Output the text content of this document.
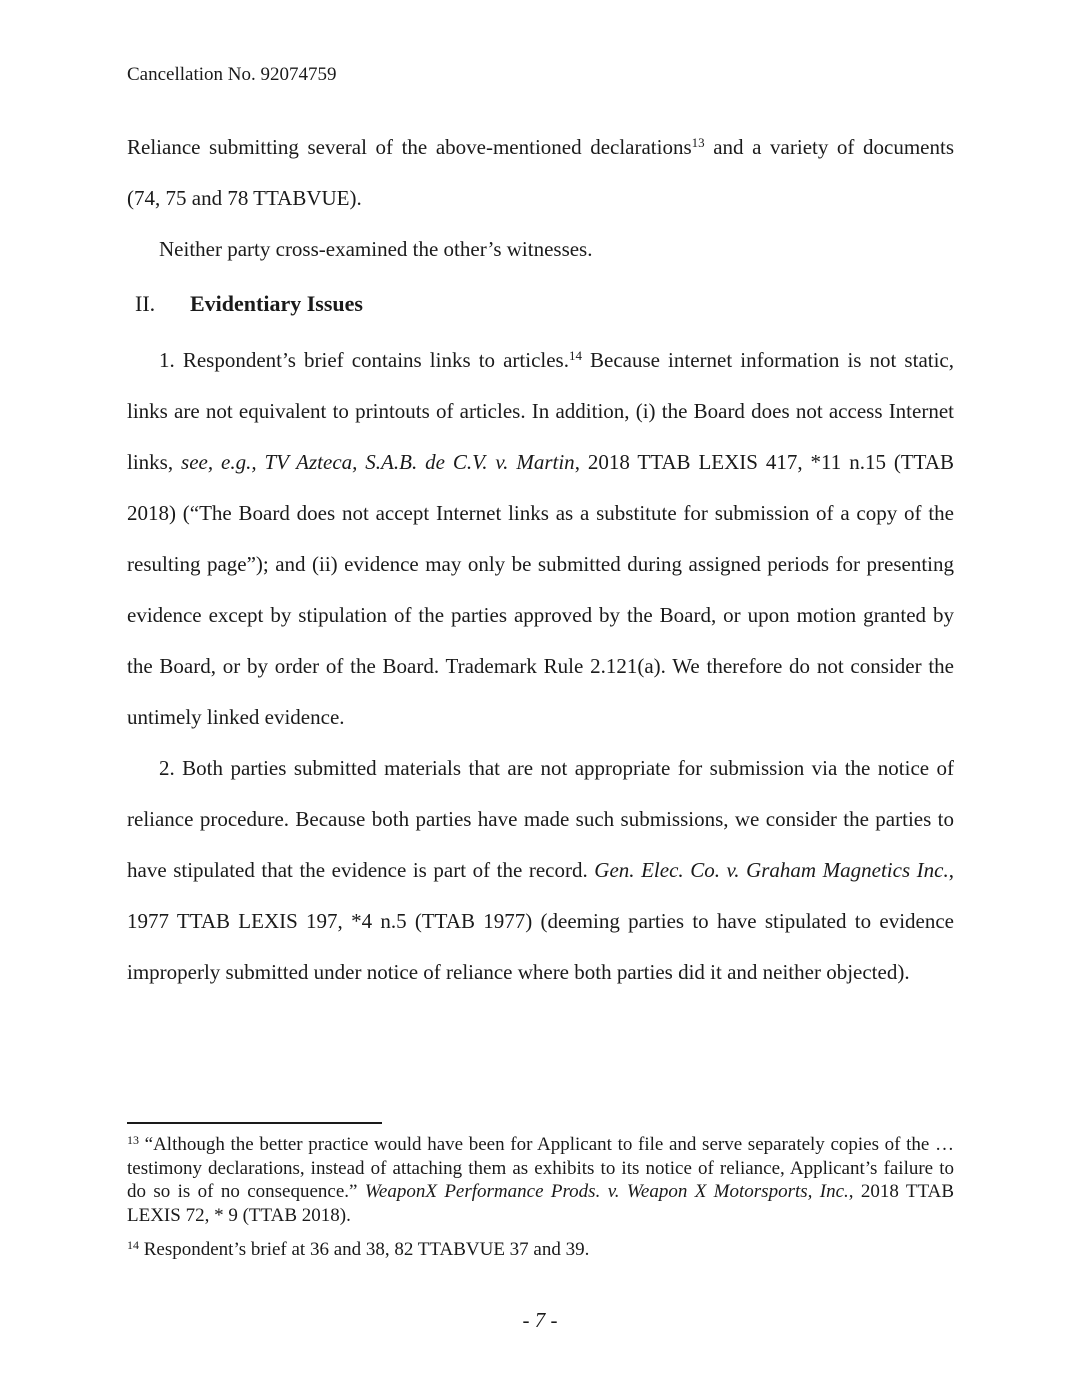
Cancellation No. 92074759

Reliance submitting several of the above-mentioned declarations$^{13}$ and a variety of documents (74, 75 and 78 TTABVUE).

Neither party cross-examined the other’s witnesses.

II.	Evidentiary Issues

1. Respondent’s brief contains links to articles.$^{14}$ Because internet information is not static, links are not equivalent to printouts of articles. In addition, (i) the Board does not access Internet links, see, e.g., TV Azteca, S.A.B. de C.V. v. Martin, 2018 TTAB LEXIS 417, *11 n.15 (TTAB 2018) (“The Board does not accept Internet links as a substitute for submission of a copy of the resulting page”); and (ii) evidence may only be submitted during assigned periods for presenting evidence except by stipulation of the parties approved by the Board, or upon motion granted by the Board, or by order of the Board. Trademark Rule 2.121(a). We therefore do not consider the untimely linked evidence.

2. Both parties submitted materials that are not appropriate for submission via the notice of reliance procedure. Because both parties have made such submissions, we consider the parties to have stipulated that the evidence is part of the record. Gen. Elec. Co. v. Graham Magnetics Inc., 1977 TTAB LEXIS 197, *4 n.5 (TTAB 1977) (deeming parties to have stipulated to evidence improperly submitted under notice of reliance where both parties did it and neither objected).

$^{13}$ “Although the better practice would have been for Applicant to file and serve separately copies of the … testimony declarations, instead of attaching them as exhibits to its notice of reliance, Applicant’s failure to do so is of no consequence.” WeaponX Performance Prods. v. Weapon X Motorsports, Inc., 2018 TTAB LEXIS 72, * 9 (TTAB 2018).

$^{14}$ Respondent’s brief at 36 and 38, 82 TTABVUE 37 and 39.

- 7 -
